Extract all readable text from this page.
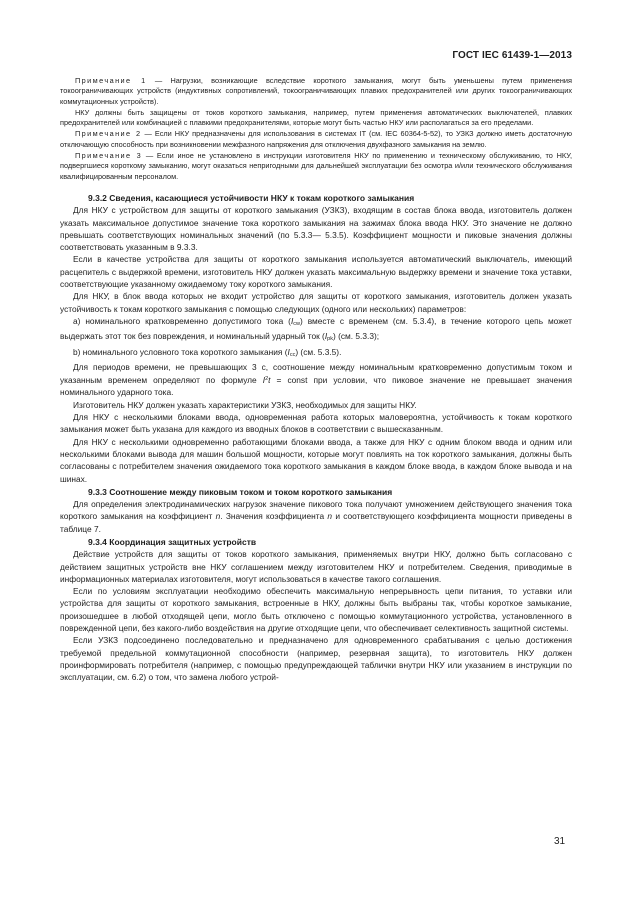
ГОСТ IEC 61439-1—2013

Примечание 1 — Нагрузки, возникающие вследствие короткого замыкания, могут быть уменьшены путем применения токоограничивающих устройств (индуктивных сопротивлений, токоограничивающих плавких предохранителей или других токоограничивающих коммутационных устройств).

НКУ должны быть защищены от токов короткого замыкания, например, путем применения автоматических выключателей, плавких предохранителей или комбинацией с плавкими предохранителями, которые могут быть частью НКУ или располагаться за его пределами.

Примечание 2 — Если НКУ предназначены для использования в системах IT (см. IEC 60364-5-52), то УЗКЗ должно иметь достаточную отключающую способность при возникновении межфазного напряжения для отключения двухфазного замыкания на землю.

Примечание 3 — Если иное не установлено в инструкции изготовителя НКУ по применению и техническому обслуживанию, то НКУ, подвергшиеся короткому замыканию, могут оказаться непригодными для дальнейшей эксплуатации без осмотра и/или технического обслуживания квалифицированным персоналом.

9.3.2 Сведения, касающиеся устойчивости НКУ к токам короткого замыкания

Для НКУ с устройством для защиты от короткого замыкания (УЗКЗ), входящим в состав блока ввода, изготовитель должен указать максимальное допустимое значение тока короткого замыкания на зажимах блока ввода НКУ. Это значение не должно превышать соответствующих номинальных значений (по 5.3.3— 5.3.5). Коэффициент мощности и пиковые значения должны соответствовать указанным в 9.3.3.

Если в качестве устройства для защиты от короткого замыкания используется автоматический выключатель, имеющий расцепитель с выдержкой времени, изготовитель НКУ должен указать максимальную выдержку времени и значение тока уставки, соответствующие указанному ожидаемому току короткого замыкания.

Для НКУ, в блок ввода которых не входит устройство для защиты от короткого замыкания, изготовитель должен указать устойчивость к токам короткого замыкания с помощью следующих (одного или нескольких) параметров:

а) номинального кратковременно допустимого тока (Icw) вместе с временем (см. 5.3.4), в течение которого цепь может выдержать этот ток без повреждения, и номинальный ударный ток (Ipk) (см. 5.3.3);

b) номинального условного тока короткого замыкания (Icc) (см. 5.3.5).

Для периодов времени, не превышающих 3 с, соотношение между номинальным кратковременно допустимым током и указанным временем определяют по формуле $I^2t$ = const при условии, что пиковое значение не превышает значения номинального ударного тока.

Изготовитель НКУ должен указать характеристики УЗКЗ, необходимых для защиты НКУ.

Для НКУ с несколькими блоками ввода, одновременная работа которых маловероятна, устойчивость к токам короткого замыкания может быть указана для каждого из вводных блоков в соответствии с вышесказанным.

Для НКУ с несколькими одновременно работающими блоками ввода, а также для НКУ с одним блоком ввода и одним или несколькими блоками вывода для машин большой мощности, которые могут повлиять на ток короткого замыкания, должны быть согласованы с потребителем значения ожидаемого тока короткого замыкания в каждом блоке ввода, в каждом блоке вывода и на шинах.

9.3.3 Соотношение между пиковым током и током короткого замыкания

Для определения электродинамических нагрузок значение пикового тока получают умножением действующего значения тока короткого замыкания на коэффициент n. Значения коэффициента n и соответствующего коэффициента мощности приведены в таблице 7.

9.3.4 Координация защитных устройств

Действие устройств для защиты от токов короткого замыкания, применяемых внутри НКУ, должно быть согласовано с действием защитных устройств вне НКУ соглашением между изготовителем НКУ и потребителем. Сведения, приводимые в информационных материалах изготовителя, могут использоваться в качестве такого соглашения.

Если по условиям эксплуатации необходимо обеспечить максимальную непрерывность цепи питания, то уставки или устройства для защиты от короткого замыкания, встроенные в НКУ, должны быть выбраны так, чтобы короткое замыкание, произошедшее в любой отходящей цепи, могло быть отключено с помощью коммутационного устройства, установленного в поврежденной цепи, без какого-либо воздействия на другие отходящие цепи, что обеспечивает селективность защитной системы.

Если УЗКЗ подсоединено последовательно и предназначено для одновременного срабатывания с целью достижения требуемой предельной коммутационной способности (например, резервная защита), то изготовитель НКУ должен проинформировать потребителя (например, с помощью предупреждающей таблички внутри НКУ или указанием в инструкции по эксплуатации, см. 6.2) о том, что замена любого устрой-

31
